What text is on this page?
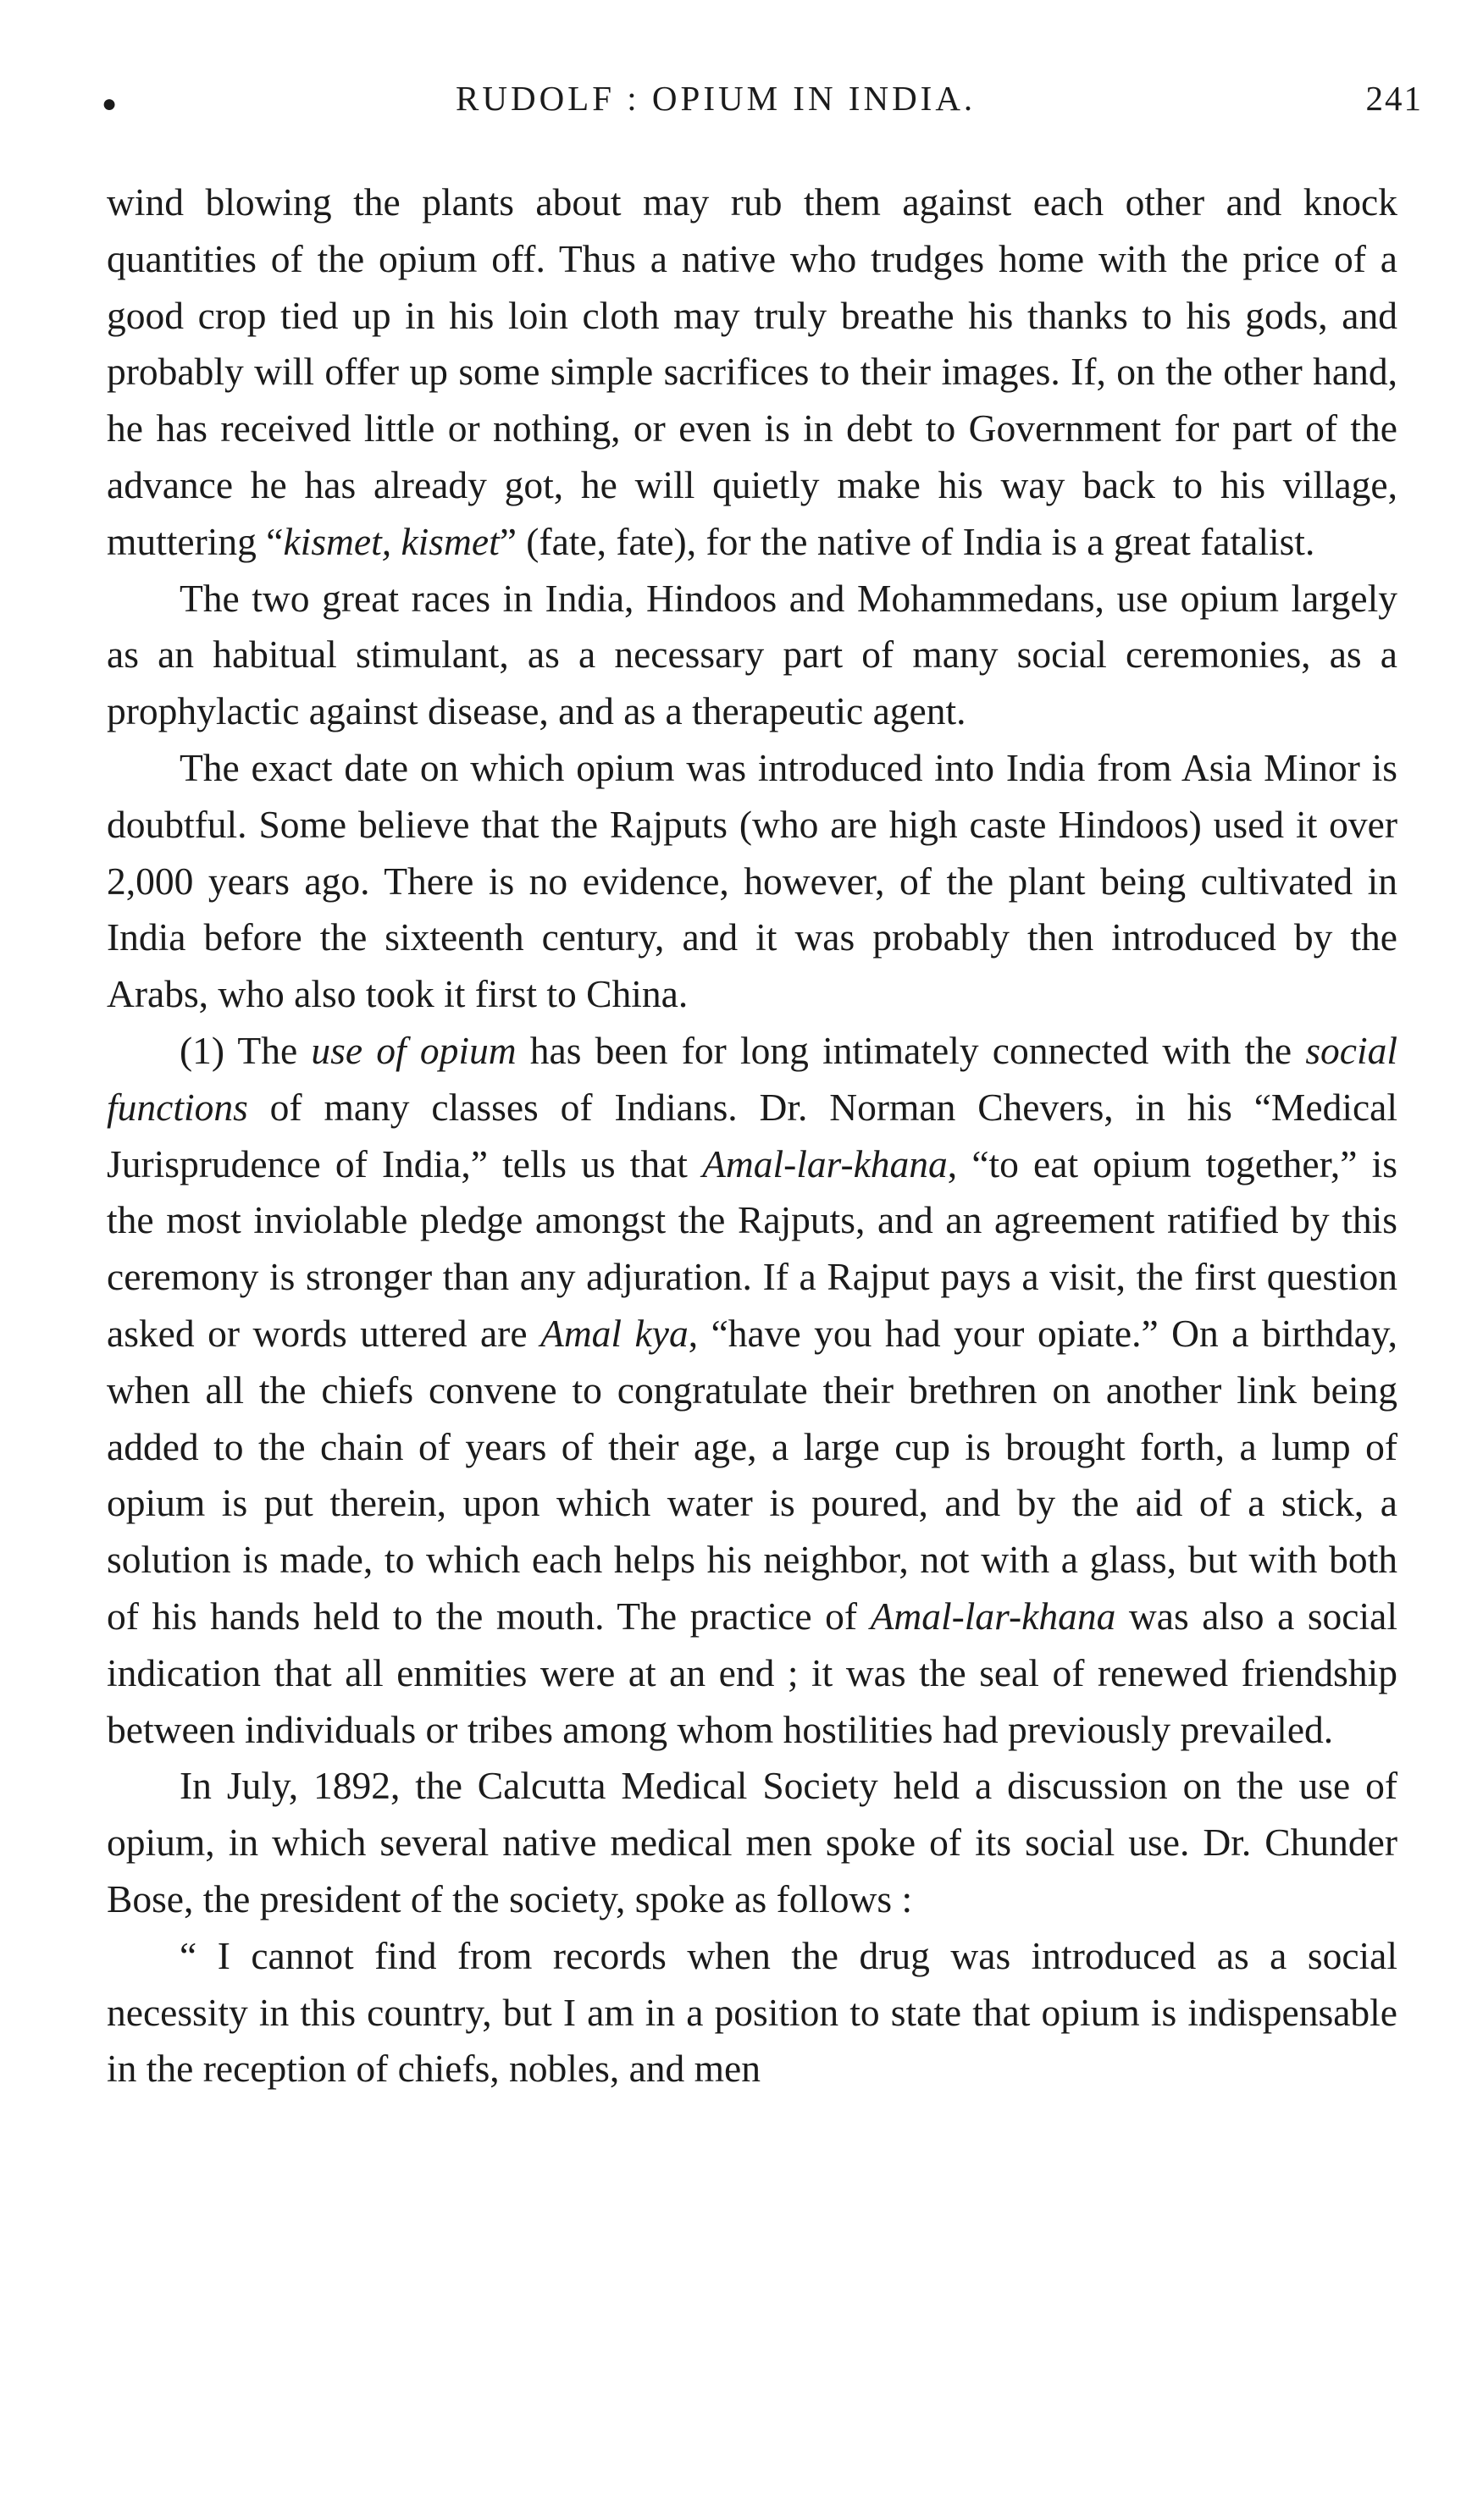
●	RUDOLF : OPIUM IN INDIA.	241

wind blowing the plants about may rub them against each other and knock quantities of the opium off. Thus a native who trudges home with the price of a good crop tied up in his loin cloth may truly breathe his thanks to his gods, and probably will offer up some simple sacrifices to their images. If, on the other hand, he has received little or nothing, or even is in debt to Government for part of the advance he has already got, he will quietly make his way back to his village, muttering “kismet, kismet” (fate, fate), for the native of India is a great fatalist.

The two great races in India, Hindoos and Mohammedans, use opium largely as an habitual stimulant, as a necessary part of many social ceremonies, as a prophylactic against disease, and as a therapeutic agent.

The exact date on which opium was introduced into India from Asia Minor is doubtful. Some believe that the Rajputs (who are high caste Hindoos) used it over 2,000 years ago. There is no evidence, however, of the plant being cultivated in India before the sixteenth century, and it was probably then introduced by the Arabs, who also took it first to China.

(1) The use of opium has been for long intimately connected with the social functions of many classes of Indians. Dr. Norman Chevers, in his “Medical Jurisprudence of India,” tells us that Amal-lar-khana, “to eat opium together,” is the most inviolable pledge amongst the Rajputs, and an agreement ratified by this ceremony is stronger than any adjuration. If a Rajput pays a visit, the first question asked or words uttered are Amal kya, “have you had your opiate.” On a birthday, when all the chiefs convene to congratulate their brethren on another link being added to the chain of years of their age, a large cup is brought forth, a lump of opium is put therein, upon which water is poured, and by the aid of a stick, a solution is made, to which each helps his neighbor, not with a glass, but with both of his hands held to the mouth. The practice of Amal-lar-khana was also a social indication that all enmities were at an end ; it was the seal of renewed friendship between individuals or tribes among whom hostilities had previously prevailed.

In July, 1892, the Calcutta Medical Society held a discussion on the use of opium, in which several native medical men spoke of its social use. Dr. Chunder Bose, the president of the society, spoke as follows :

“ I cannot find from records when the drug was introduced as a social necessity in this country, but I am in a position to state that opium is indispensable in the reception of chiefs, nobles, and men
